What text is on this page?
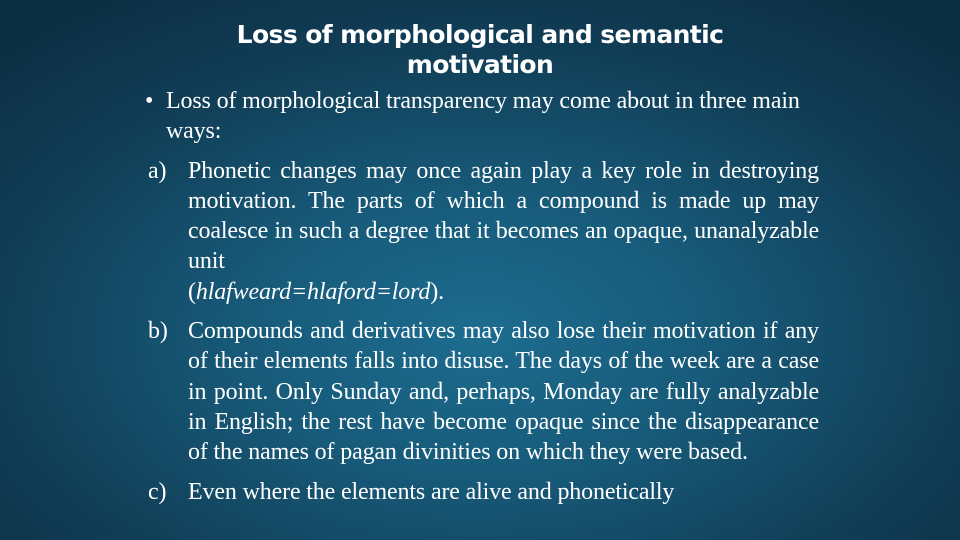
Loss of morphological and semantic
motivation

• Loss of morphological transparency may come about in three main ways:

a) Phonetic changes may once again play a key role in destroying motivation. The parts of which a compound is made up may coalesce in such a degree that it becomes an opaque, unanalyzable unit
(hlafweard=hlaford=lord).
b) Compounds and derivatives may also lose their motivation if any of their elements falls into disuse. The days of the week are a case in point. Only Sunday and, perhaps, Monday are fully analyzable in English; the rest have become opaque since the disappearance of the names of pagan divinities on which they were based.
c) Even where the elements are alive and phonetically
